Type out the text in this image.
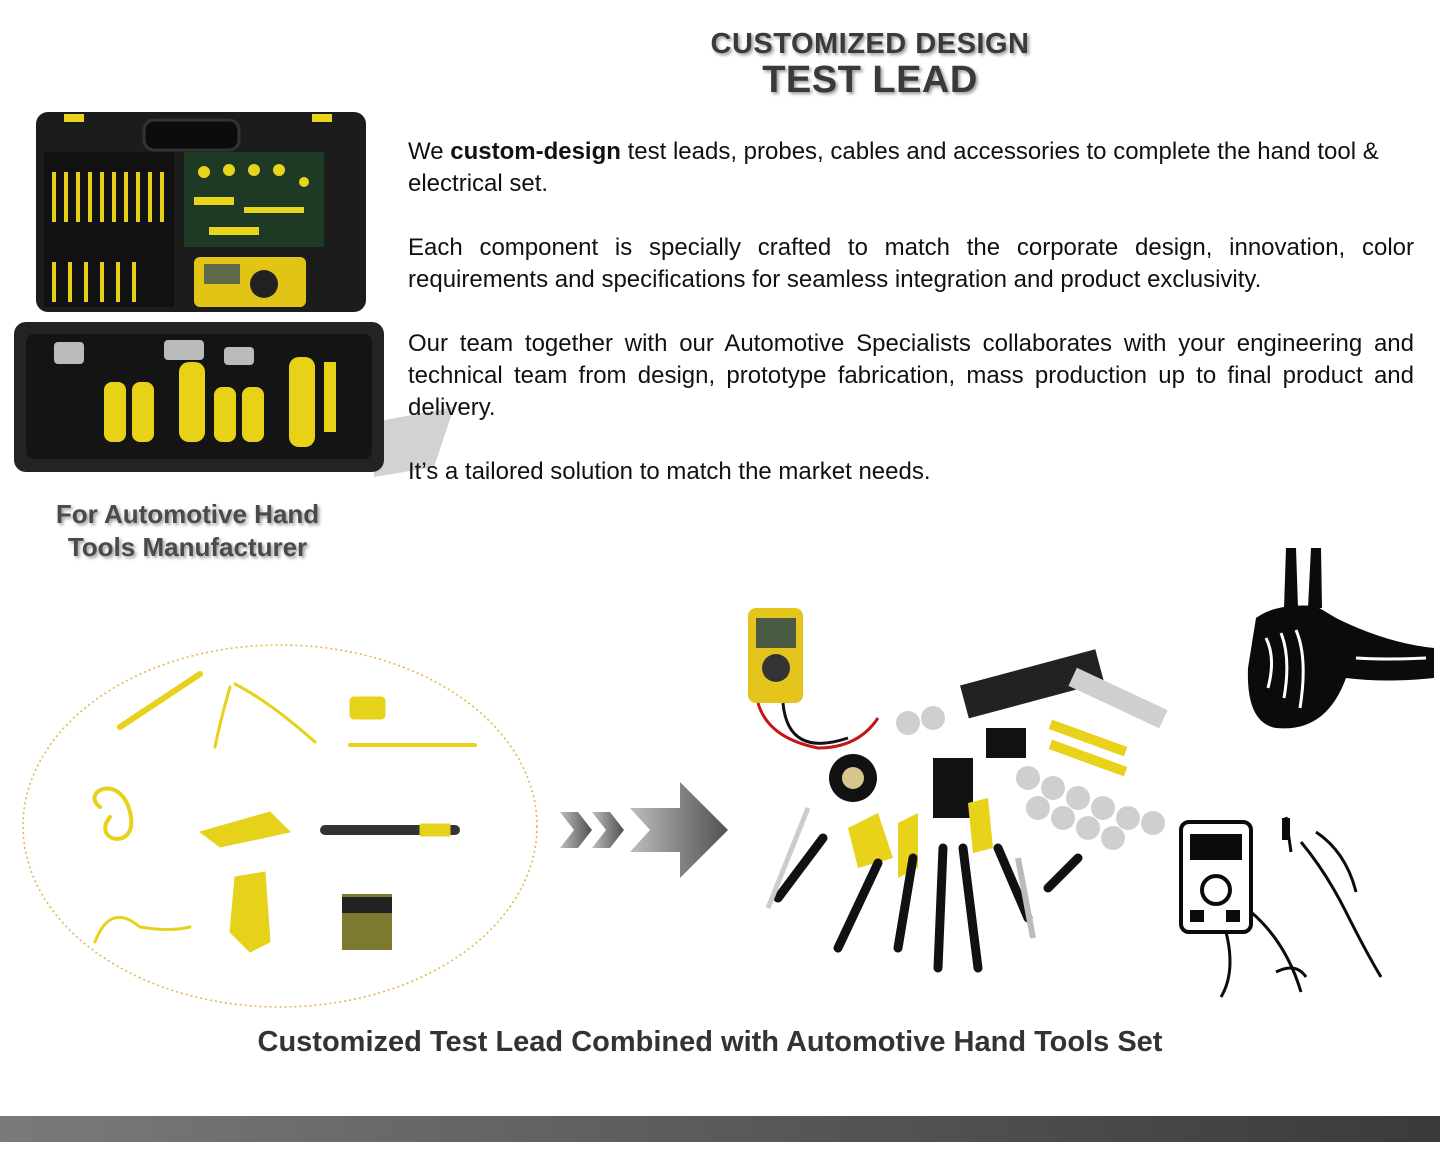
CUSTOMIZED DESIGN
TEST LEAD
For Automotive Hand
Tools Manufacturer

We custom-design test leads, probes, cables and accessories to complete the hand tool & electrical set.

Each component is specially crafted to match the corporate design, innovation, color requirements and specifications for seamless integration and product exclusivity.

Our team together with our Automotive Specialists collaborates with your engineering and technical team from design, prototype fabrication, mass production up to final product and delivery.

It’s a tailored solution to match the market needs.

Customized Test Lead Combined with Automotive Hand Tools Set
